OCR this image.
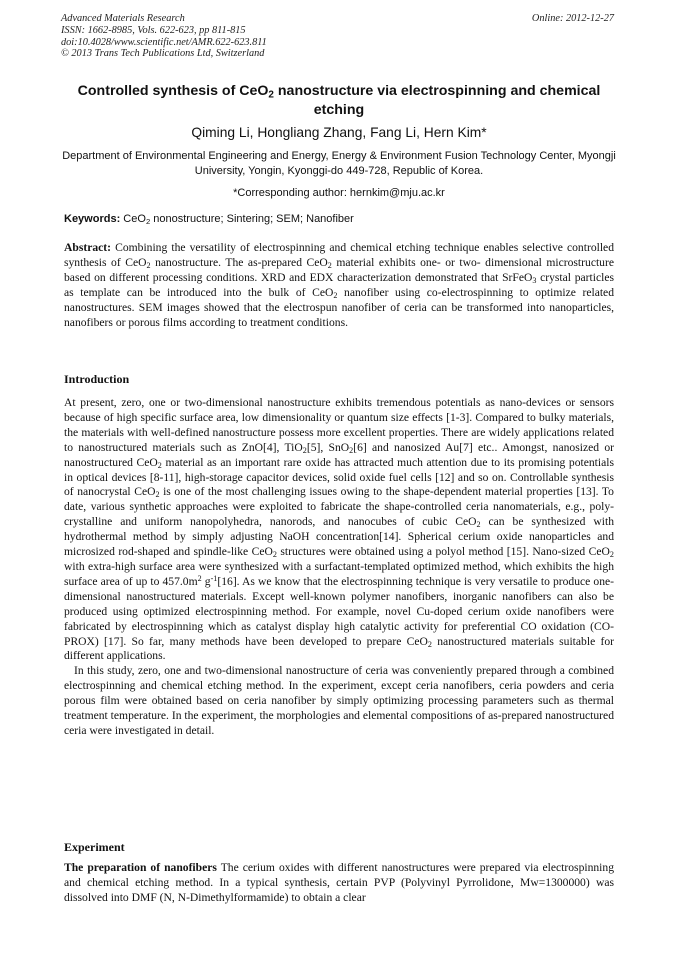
Advanced Materials Research	Online: 2012-12-27
ISSN: 1662-8985, Vols. 622-623, pp 811-815
doi:10.4028/www.scientific.net/AMR.622-623.811
© 2013 Trans Tech Publications Ltd, Switzerland
Controlled synthesis of CeO$_2$ nanostructure via electrospinning and chemical etching
Qiming Li, Hongliang Zhang, Fang Li, Hern Kim*
Department of Environmental Engineering and Energy, Energy & Environment Fusion Technology Center, Myongji University, Yongin, Kyonggi-do 449-728, Republic of Korea.
*Corresponding author: hernkim@mju.ac.kr
Keywords: CeO$_2$ nonostructure; Sintering; SEM; Nanofiber

Abstract: Combining the versatility of electrospinning and chemical etching technique enables selective controlled synthesis of CeO$_2$ nanostructure. The as-prepared CeO$_2$ material exhibits one- or two- dimensional microstructure based on different processing conditions. XRD and EDX characterization demonstrated that SrFeO$_3$ crystal particles as template can be introduced into the bulk of CeO$_2$ nanofiber using co-electrospinning to optimize related nanostructures. SEM images showed that the electrospun nanofiber of ceria can be transformed into nanoparticles, nanofibers or porous films according to treatment conditions.

Introduction

At present, zero, one or two-dimensional nanostructure exhibits tremendous potentials as nano-devices or sensors because of high specific surface area, low dimensionality or quantum size effects [1-3]. Compared to bulky materials, the materials with well-defined nanostructure possess more excellent properties. There are widely applications related to nanostructured materials such as ZnO[4], TiO$_2$[5], SnO$_2$[6] and nanosized Au[7] etc.. Amongst, nanosized or nanostructured CeO$_2$ material as an important rare oxide has attracted much attention due to its promising potentials in optical devices [8-11], high-storage capacitor devices, solid oxide fuel cells [12] and so on. Controllable synthesis of nanocrystal CeO$_2$ is one of the most challenging issues owing to the shape-dependent material properties [13]. To date, various synthetic approaches were exploited to fabricate the shape-controlled ceria nanomaterials, e.g., poly-crystalline and uniform nanopolyhedra, nanorods, and nanocubes of cubic CeO$_2$ can be synthesized with hydrothermal method by simply adjusting NaOH concentration[14]. Spherical cerium oxide nanoparticles and microsized rod-shaped and spindle-like CeO$_2$ structures were obtained using a polyol method [15]. Nano-sized CeO$_2$ with extra-high surface area were synthesized with a surfactant-templated optimized method, which exhibits the high surface area of up to $457.0m^2$ $g^{-1}[16]$. As we know that the electrospinning technique is very versatile to produce one-dimensional nanostructured materials. Except well-known polymer nanofibers, inorganic nanofibers can also be produced using optimized electrospinning method. For example, novel Cu-doped cerium oxide nanofibers were fabricated by electrospinning which as catalyst display high catalytic activity for preferential CO oxidation (CO-PROX) [17]. So far, many methods have been developed to prepare CeO$_2$ nanostructured materials suitable for different applications.

In this study, zero, one and two-dimensional nanostructure of ceria was conveniently prepared through a combined electrospinning and chemical etching method. In the experiment, except ceria nanofibers, ceria powders and ceria porous film were obtained based on ceria nanofiber by simply optimizing processing parameters such as thermal treatment temperature. In the experiment, the morphologies and elemental compositions of as-prepared nanostructured ceria were investigated in detail.

Experiment

The preparation of nanofibers The cerium oxides with different nanostructures were prepared via electrospinning and chemical etching method. In a typical synthesis, certain PVP (Polyvinyl Pyrrolidone, Mw=1300000) was dissolved into DMF (N, N-Dimethylformamide) to obtain a clear
